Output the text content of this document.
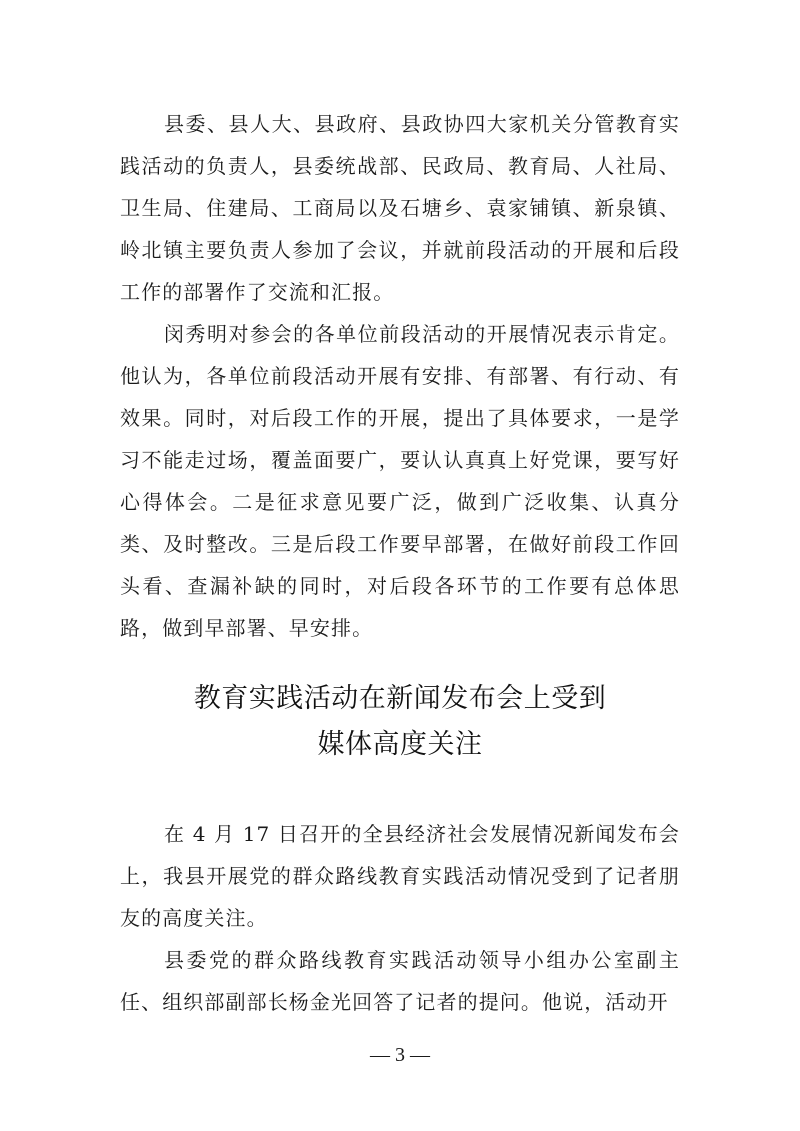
县委、县人大、县政府、县政协四大家机关分管教育实践活动的负责人，县委统战部、民政局、教育局、人社局、卫生局、住建局、工商局以及石塘乡、袁家铺镇、新泉镇、岭北镇主要负责人参加了会议，并就前段活动的开展和后段工作的部署作了交流和汇报。

闵秀明对参会的各单位前段活动的开展情况表示肯定。他认为，各单位前段活动开展有安排、有部署、有行动、有效果。同时，对后段工作的开展，提出了具体要求，一是学习不能走过场，覆盖面要广，要认认真真上好党课，要写好心得体会。二是征求意见要广泛，做到广泛收集、认真分类、及时整改。三是后段工作要早部署，在做好前段工作回头看、查漏补缺的同时，对后段各环节的工作要有总体思路，做到早部署、早安排。

教育实践活动在新闻发布会上受到
媒体高度关注

在 4 月 17 日召开的全县经济社会发展情况新闻发布会上，我县开展党的群众路线教育实践活动情况受到了记者朋友的高度关注。

县委党的群众路线教育实践活动领导小组办公室副主任、组织部副部长杨金光回答了记者的提问。他说，活动开

— 3 —
